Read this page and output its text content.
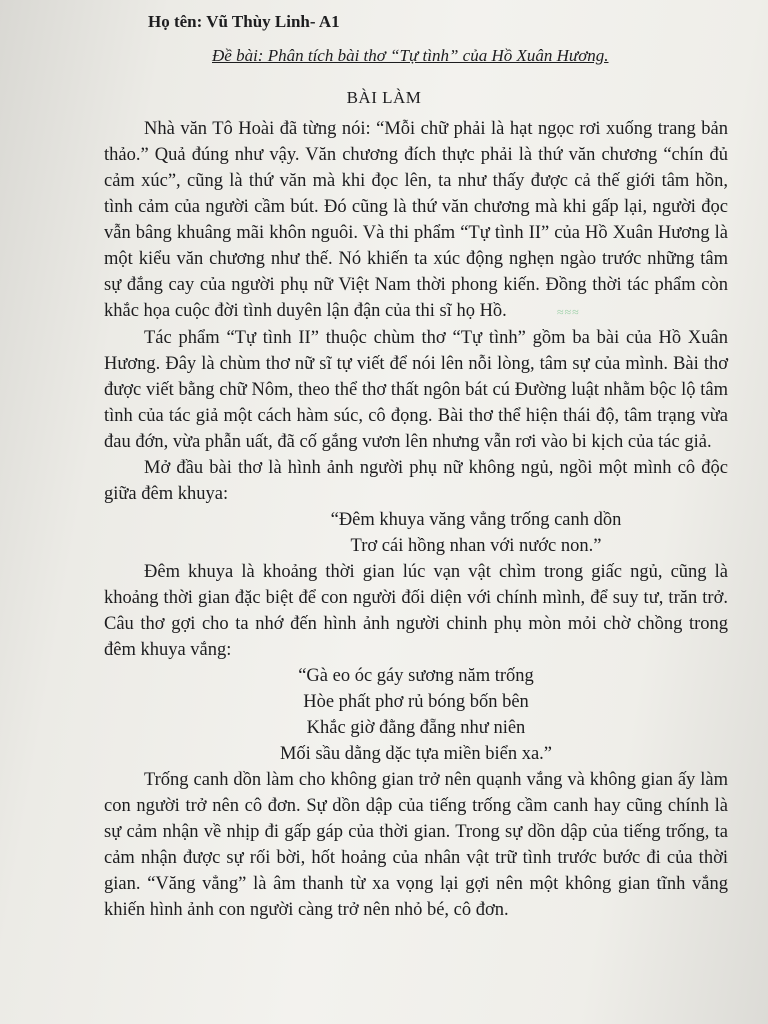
Họ tên: Vũ Thùy Linh- A1
Đề bài: Phân tích bài thơ “Tự tình” của Hồ Xuân Hương.
BÀI LÀM

Nhà văn Tô Hoài đã từng nói: “Mỗi chữ phải là hạt ngọc rơi xuống trang bản thảo.” Quả đúng như vậy. Văn chương đích thực phải là thứ văn chương “chín đủ cảm xúc”, cũng là thứ văn mà khi đọc lên, ta như thấy được cả thế giới tâm hồn, tình cảm của người cầm bút. Đó cũng là thứ văn chương mà khi gấp lại, người đọc vẫn bâng khuâng mãi khôn nguôi. Và thi phẩm “Tự tình II” của Hồ Xuân Hương là một kiểu văn chương như thế. Nó khiến ta xúc động nghẹn ngào trước những tâm sự đắng cay của người phụ nữ Việt Nam thời phong kiến. Đồng thời tác phẩm còn khắc họa cuộc đời tình duyên lận đận của thi sĩ họ Hồ.	≈≈≈

Tác phẩm “Tự tình II” thuộc chùm thơ “Tự tình” gồm ba bài của Hồ Xuân Hương. Đây là chùm thơ nữ sĩ tự viết để nói lên nỗi lòng, tâm sự của mình. Bài thơ được viết bằng chữ Nôm, theo thể thơ thất ngôn bát cú Đường luật nhằm bộc lộ tâm tình của tác giả một cách hàm súc, cô đọng. Bài thơ thể hiện thái độ, tâm trạng vừa đau đớn, vừa phẫn uất, đã cố gắng vươn lên nhưng vẫn rơi vào bi kịch của tác giả.

Mở đầu bài thơ là hình ảnh người phụ nữ không ngủ, ngồi một mình cô độc giữa đêm khuya:

“Đêm khuya văng vẳng trống canh dồn

Trơ cái hồng nhan với nước non.”

Đêm khuya là khoảng thời gian lúc vạn vật chìm trong giấc ngủ, cũng là khoảng thời gian đặc biệt để con người đối diện với chính mình, để suy tư, trăn trở. Câu thơ gợi cho ta nhớ đến hình ảnh người chinh phụ mòn mỏi chờ chồng trong đêm khuya vắng:

“Gà eo óc gáy sương năm trống

Hòe phất phơ rủ bóng bốn bên

Khắc giờ đằng đẵng như niên

Mối sầu dằng dặc tựa miền biển xa.”

Trống canh dồn làm cho không gian trở nên quạnh vắng và không gian ấy làm con người trở nên cô đơn. Sự dồn dập của tiếng trống cầm canh hay cũng chính là sự cảm nhận về nhịp đi gấp gáp của thời gian. Trong sự dồn dập của tiếng trống, ta cảm nhận được sự rối bời, hốt hoảng của nhân vật trữ tình trước bước đi của thời gian. “Văng vẳng” là âm thanh từ xa vọng lại gợi nên một không gian tĩnh vắng khiến hình ảnh con người càng trở nên nhỏ bé, cô đơn.
